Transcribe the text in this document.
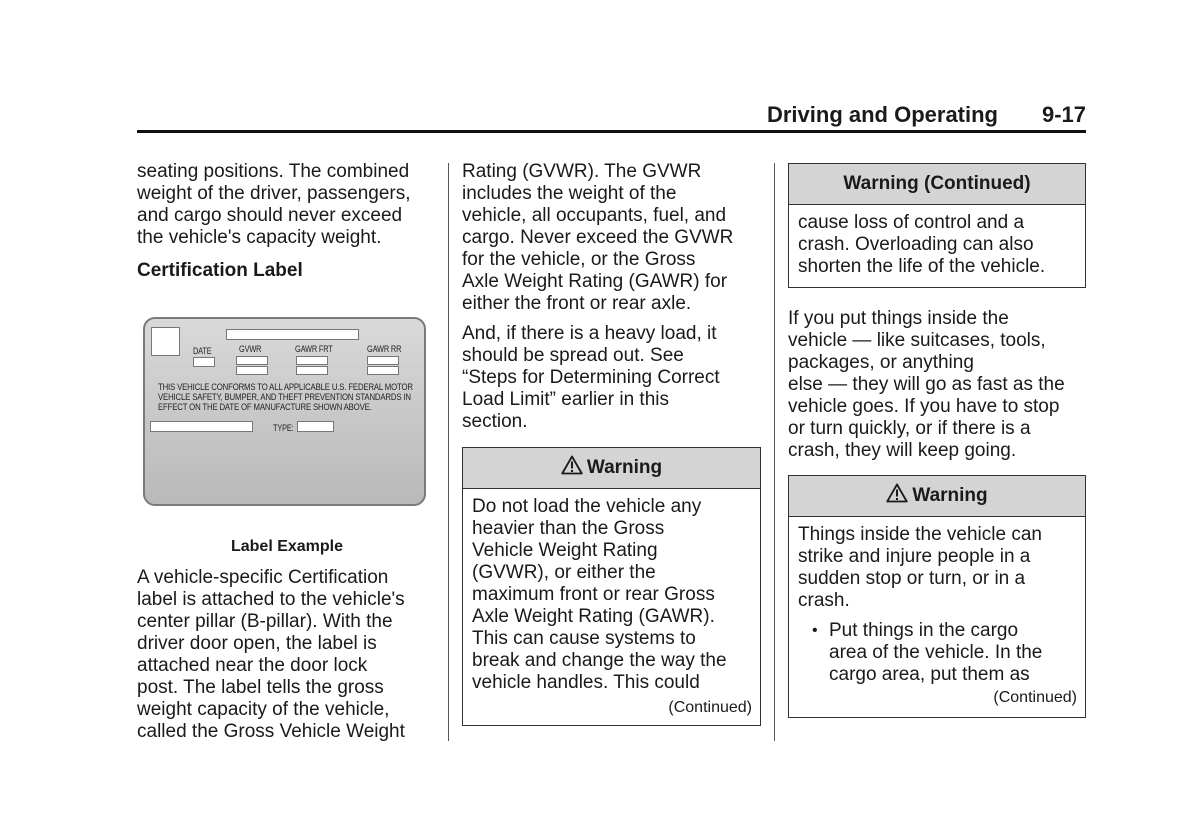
Driving and Operating 9-17

seating positions. The combined
weight of the driver, passengers,
and cargo should never exceed
the vehicle's capacity weight.

Certification Label

DATE	GVWR	GAWR FRT	GAWR RR
THIS VEHICLE CONFORMS TO ALL APPLICABLE U.S. FEDERAL MOTOR
VEHICLE SAFETY, BUMPER, AND THEFT PREVENTION STANDARDS IN
EFFECT ON THE DATE OF MANUFACTURE SHOWN ABOVE.
TYPE:
Label Example

A vehicle-specific Certification
label is attached to the vehicle's
center pillar (B-pillar). With the
driver door open, the label is
attached near the door lock
post. The label tells the gross
weight capacity of the vehicle,
called the Gross Vehicle Weight

Rating (GVWR). The GVWR
includes the weight of the
vehicle, all occupants, fuel, and
cargo. Never exceed the GVWR
for the vehicle, or the Gross
Axle Weight Rating (GAWR) for
either the front or rear axle.

And, if there is a heavy load, it
should be spread out. See
“Steps for Determining Correct
Load Limit” earlier in this
section.

Warning

Do not load the vehicle any
heavier than the Gross
Vehicle Weight Rating
(GVWR), or either the
maximum front or rear Gross
Axle Weight Rating (GAWR).
This can cause systems to
break and change the way the
vehicle handles. This could

(Continued)
Warning (Continued)

cause loss of control and a
crash. Overloading can also
shorten the life of the vehicle.

If you put things inside the
vehicle — like suitcases, tools,
packages, or anything
else — they will go as fast as the
vehicle goes. If you have to stop
or turn quickly, or if there is a
crash, they will keep going.

Warning

Things inside the vehicle can
strike and injure people in a
sudden stop or turn, or in a
crash.

• Put things in the cargo
area of the vehicle. In the
cargo area, put them as
(Continued)
